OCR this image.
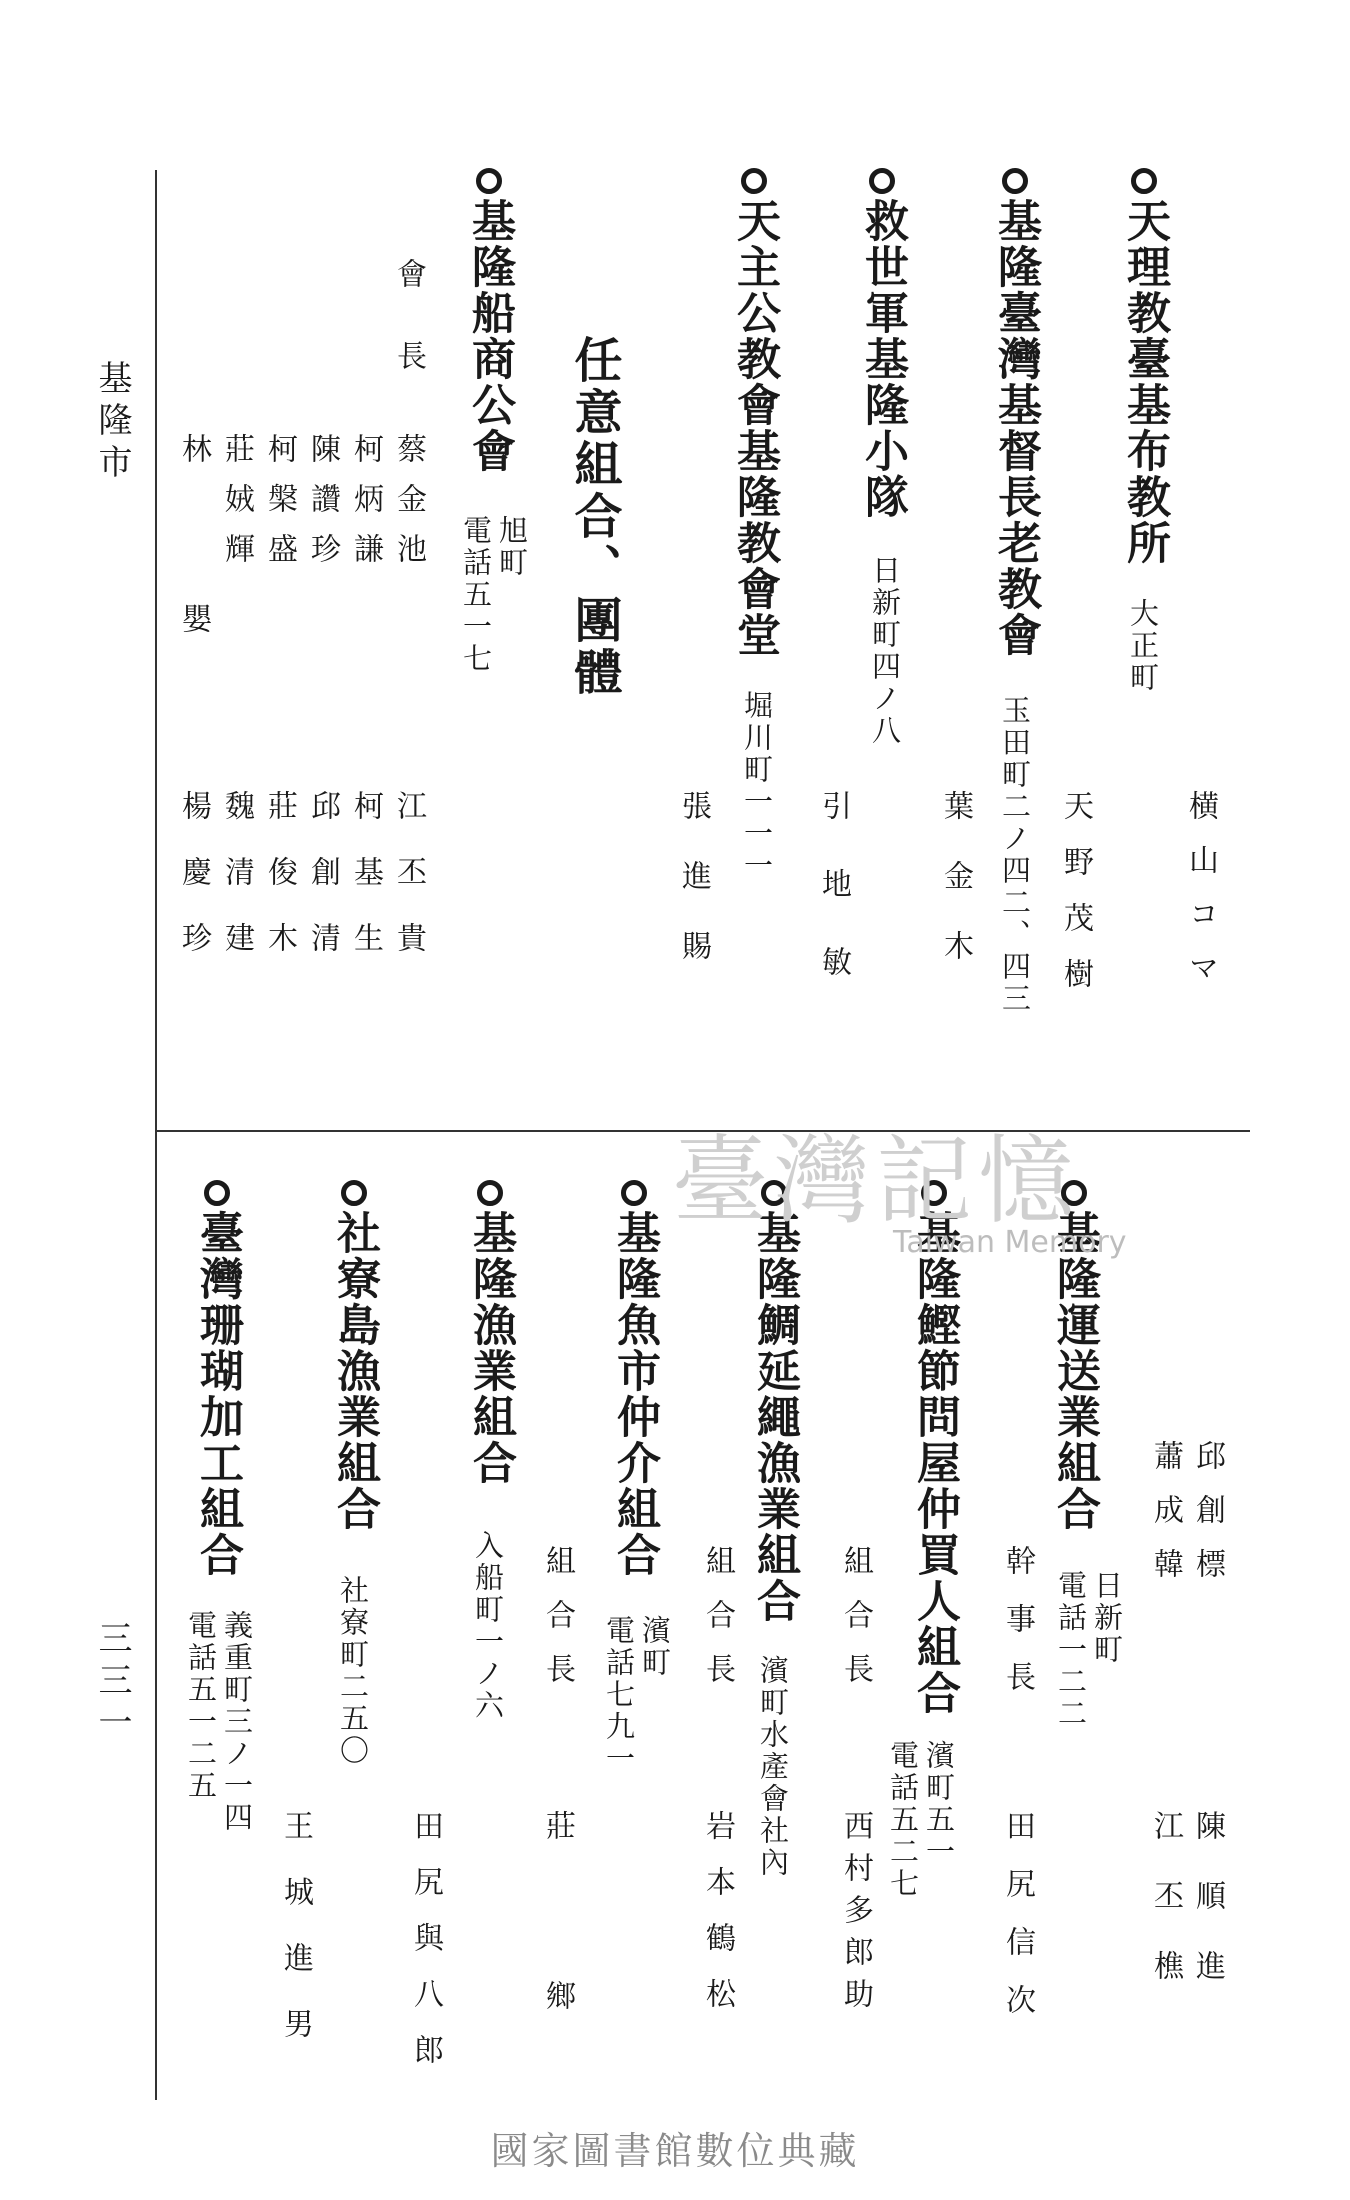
基隆市
三三一
天理教臺基布教所
大正町
横山コマ
基隆臺灣基督長老教會
玉田町二ノ四二、四三 天野茂樹
葉金木
救世軍基隆小隊
日新町四ノ八
引地敏
天主公教會基隆教會堂
堀川町一一一
張進賜
任意組合、團體
基隆船商公會
旭町
電話五一七
會長
蔡金池
江丕貴
柯炳謙
柯基生
陳讚珍
邱創清
柯槃盛
莊俊木
莊娀輝
魏清建
林嬰
楊慶珍
基隆運送業組合
日新町
電話一二二
幹事長
田尻信次
邱創標
陳順進
蕭成韓
江丕樵
基隆鰹節問屋仲買人組合
組合長
西村多郎助
濱町五一
電話五二七
基隆鯛延繩漁業組合
濱町水產會社內
組合長
岩本鶴松
基隆魚市仲介組合
濱町
電話七九一
組合長
莊鄉
基隆漁業組合
入船町一ノ六
田尻與八郎
社寮島漁業組合
社寮町二五〇
王城進男
臺灣珊瑚加工組合
義重町三ノ一四
電話五一二五
臺灣記憶
Taiwan Memory
國家圖書館數位典藏
